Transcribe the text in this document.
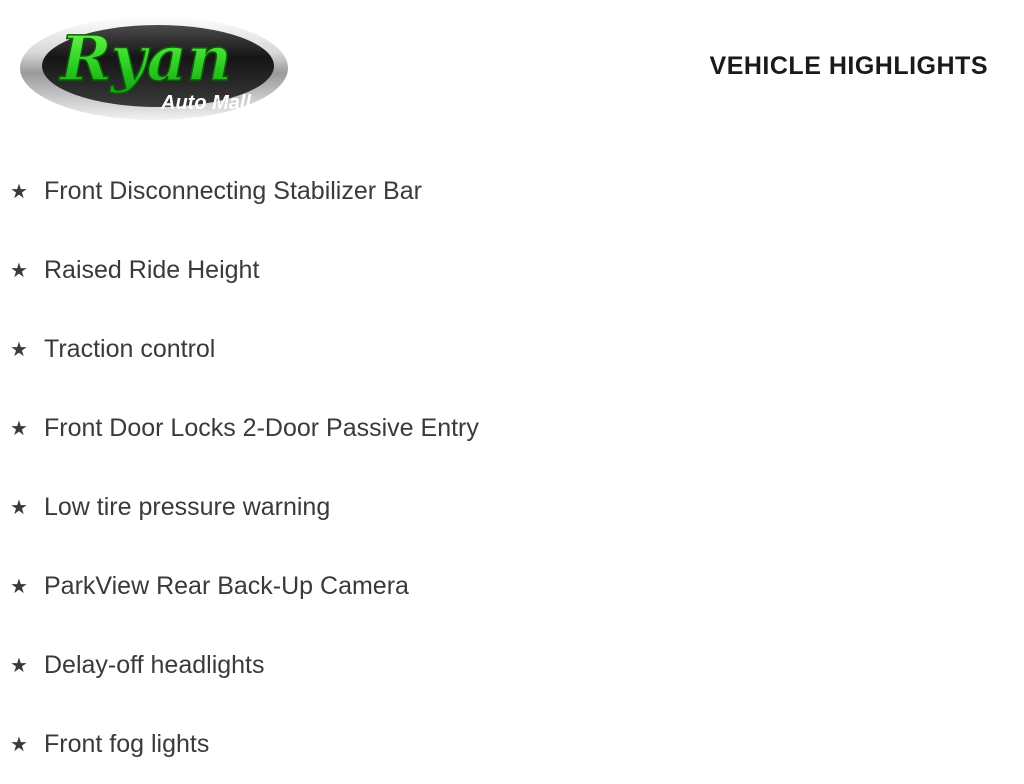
Ryan
Auto Mall
VEHICLE HIGHLIGHTS
★ Front Disconnecting Stabilizer Bar
★ Raised Ride Height
★ Traction control
★ Front Door Locks 2-Door Passive Entry
★ Low tire pressure warning
★ ParkView Rear Back-Up Camera
★ Delay-off headlights
★ Front fog lights
